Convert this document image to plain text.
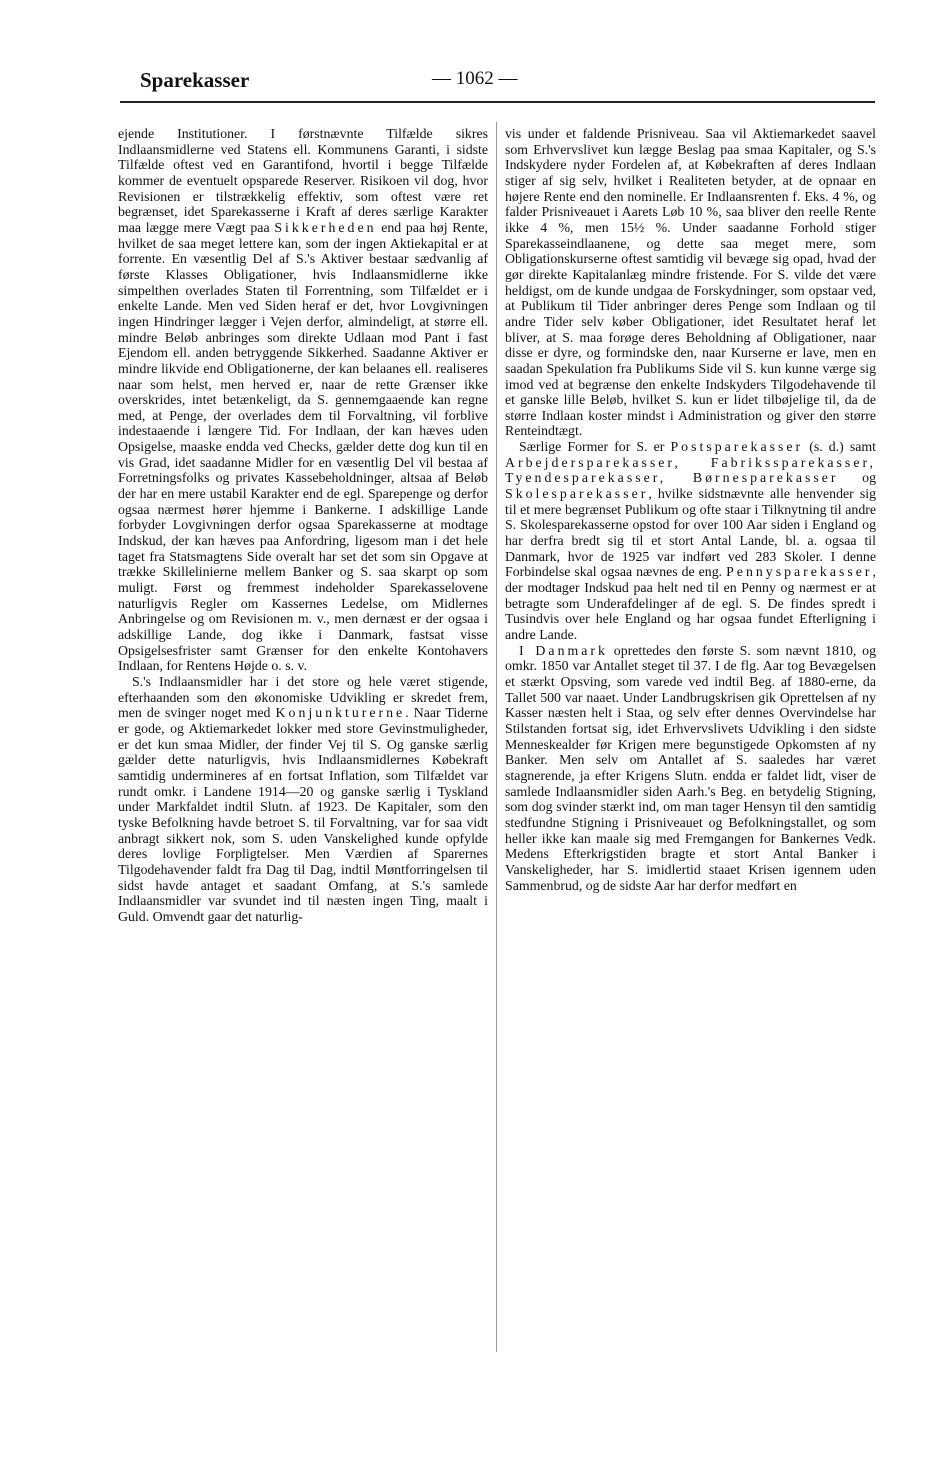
Sparekasser	— 1062 —

ejende Institutioner. I førstnævnte Tilfælde sikres Indlaansmidlerne ved Statens ell. Kommunens Garanti, i sidste Tilfælde oftest ved en Garantifond, hvortil i begge Tilfælde kommer de eventuelt opsparede Reserver. Risikoen vil dog, hvor Revisionen er tilstrækkelig effektiv, som oftest være ret begrænset, idet Sparekasserne i Kraft af deres særlige Karakter maa lægge mere Vægt paa Sikkerheden end paa høj Rente, hvilket de saa meget lettere kan, som der ingen Aktiekapital er at forrente. En væsentlig Del af S.'s Aktiver bestaar sædvanlig af første Klasses Obligationer, hvis Indlaansmidlerne ikke simpelthen overlades Staten til Forrentning, som Tilfældet er i enkelte Lande. Men ved Siden heraf er det, hvor Lovgivningen ingen Hindringer lægger i Vejen derfor, almindeligt, at større ell. mindre Beløb anbringes som direkte Udlaan mod Pant i fast Ejendom ell. anden betryggende Sikkerhed. Saadanne Aktiver er mindre likvide end Obligationerne, der kan belaanes ell. realiseres naar som helst, men herved er, naar de rette Grænser ikke overskrides, intet betænkeligt, da S. gennemgaaende kan regne med, at Penge, der overlades dem til Forvaltning, vil forblive indestaaende i længere Tid. For Indlaan, der kan hæves uden Opsigelse, maaske endda ved Checks, gælder dette dog kun til en vis Grad, idet saadanne Midler for en væsentlig Del vil bestaa af Forretningsfolks og privates Kassebeholdninger, altsaa af Beløb der har en mere ustabil Karakter end de egl. Sparepenge og derfor ogsaa nærmest hører hjemme i Bankerne. I adskillige Lande forbyder Lovgivningen derfor ogsaa Sparekasserne at modtage Indskud, der kan hæves paa Anfordring, ligesom man i det hele taget fra Statsmagtens Side overalt har set det som sin Opgave at trække Skillelinierne mellem Banker og S. saa skarpt op som muligt. Først og fremmest indeholder Sparekasselovene naturligvis Regler om Kassernes Ledelse, om Midlernes Anbringelse og om Revisionen m. v., men dernæst er der ogsaa i adskillige Lande, dog ikke i Danmark, fastsat visse Opsigelsesfrister samt Grænser for den enkelte Kontohavers Indlaan, for Rentens Højde o. s. v.

S.'s Indlaansmidler har i det store og hele været stigende, efterhaanden som den økonomiske Udvikling er skredet frem, men de svinger noget med Konjunkturerne. Naar Tiderne er gode, og Aktiemarkedet lokker med store Gevinstmuligheder, er det kun smaa Midler, der finder Vej til S. Og ganske særlig gælder dette naturligvis, hvis Indlaansmidlernes Købekraft samtidig undermineres af en fortsat Inflation, som Tilfældet var rundt omkr. i Landene 1914—20 og ganske særlig i Tyskland under Markfaldet indtil Slutn. af 1923. De Kapitaler, som den tyske Befolkning havde betroet S. til Forvaltning, var for saa vidt anbragt sikkert nok, som S. uden Vanskelighed kunde opfylde deres lovlige Forpligtelser. Men Værdien af Sparernes Tilgodehavender faldt fra Dag til Dag, indtil Møntforringelsen til sidst havde antaget et saadant Omfang, at S.'s samlede Indlaansmidler var svundet ind til næsten ingen Ting, maalt i Guld. Omvendt gaar det naturlig-

vis under et faldende Prisniveau. Saa vil Aktiemarkedet saavel som Erhvervslivet kun lægge Beslag paa smaa Kapitaler, og S.'s Indskydere nyder Fordelen af, at Købekraften af deres Indlaan stiger af sig selv, hvilket i Realiteten betyder, at de opnaar en højere Rente end den nominelle. Er Indlaansrenten f. Eks. 4 %, og falder Prisniveauet i Aarets Løb 10 %, saa bliver den reelle Rente ikke 4 %, men 15½ %. Under saadanne Forhold stiger Sparekasseindlaanene, og dette saa meget mere, som Obligationskurserne oftest samtidig vil bevæge sig opad, hvad der gør direkte Kapitalanlæg mindre fristende. For S. vilde det være heldigst, om de kunde undgaa de Forskydninger, som opstaar ved, at Publikum til Tider anbringer deres Penge som Indlaan og til andre Tider selv køber Obligationer, idet Resultatet heraf let bliver, at S. maa forøge deres Beholdning af Obligationer, naar disse er dyre, og formindske den, naar Kurserne er lave, men en saadan Spekulation fra Publikums Side vil S. kun kunne værge sig imod ved at begrænse den enkelte Indskyders Tilgodehavende til et ganske lille Beløb, hvilket S. kun er lidet tilbøjelige til, da de større Indlaan koster mindst i Administration og giver den større Renteindtægt.

Særlige Former for S. er Postsparekasser (s. d.) samt Arbejdersparekasser, Fabrikssparekasser, Tyendesparekasser, Børnesparekasser og Skolesparekasser, hvilke sidstnævnte alle henvender sig til et mere begrænset Publikum og ofte staar i Tilknytning til andre S. Skolesparekasserne opstod for over 100 Aar siden i England og har derfra bredt sig til et stort Antal Lande, bl. a. ogsaa til Danmark, hvor de 1925 var indført ved 283 Skoler. I denne Forbindelse skal ogsaa nævnes de eng. Pennysparekasser, der modtager Indskud paa helt ned til en Penny og nærmest er at betragte som Underafdelinger af de egl. S. De findes spredt i Tusindvis over hele England og har ogsaa fundet Efterligning i andre Lande.

I Danmark oprettedes den første S. som nævnt 1810, og omkr. 1850 var Antallet steget til 37. I de flg. Aar tog Bevægelsen et stærkt Opsving, som varede ved indtil Beg. af 1880-erne, da Tallet 500 var naaet. Under Landbrugskrisen gik Oprettelsen af ny Kasser næsten helt i Staa, og selv efter dennes Overvindelse har Stilstanden fortsat sig, idet Erhvervslivets Udvikling i den sidste Menneskealder før Krigen mere begunstigede Opkomsten af ny Banker. Men selv om Antallet af S. saaledes har været stagnerende, ja efter Krigens Slutn. endda er faldet lidt, viser de samlede Indlaansmidler siden Aarh.'s Beg. en betydelig Stigning, som dog svinder stærkt ind, om man tager Hensyn til den samtidig stedfundne Stigning i Prisniveauet og Befolkningstallet, og som heller ikke kan maale sig med Fremgangen for Bankernes Vedk. Medens Efterkrigstiden bragte et stort Antal Banker i Vanskeligheder, har S. imidlertid staaet Krisen igennem uden Sammenbrud, og de sidste Aar har derfor medført en
